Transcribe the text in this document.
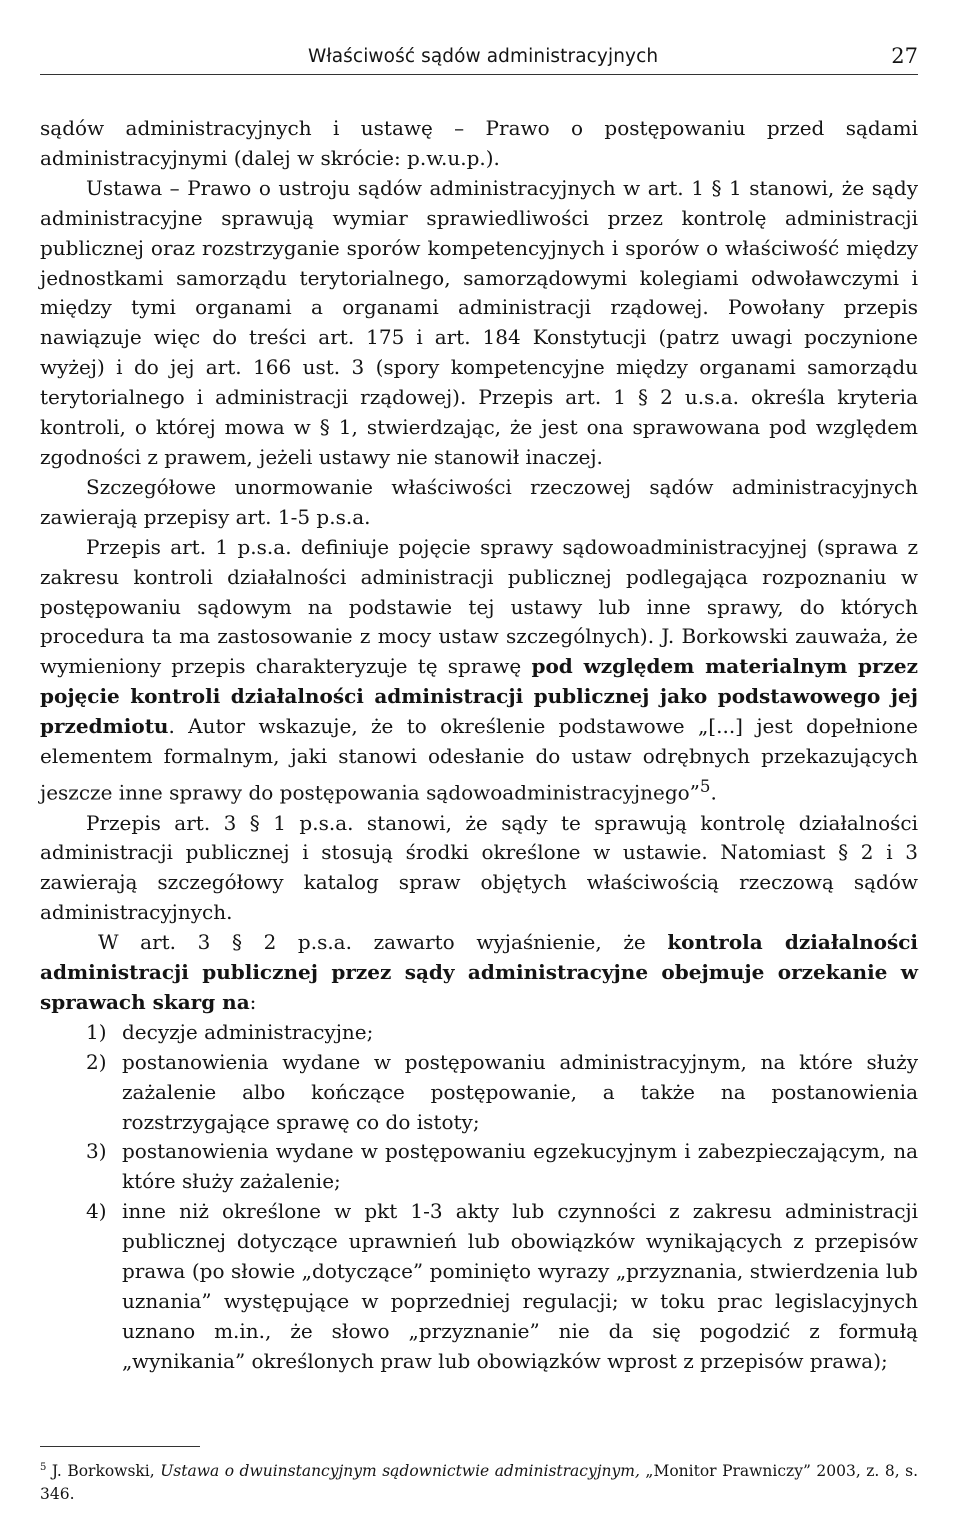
Właściwość sądów administracyjnych	27

sądów administracyjnych i ustawę – Prawo o postępowaniu przed sądami administracyjnymi (dalej w skrócie: p.w.u.p.).

Ustawa – Prawo o ustroju sądów administracyjnych w art. 1 § 1 stanowi, że sądy administracyjne sprawują wymiar sprawiedliwości przez kontrolę administracji publicznej oraz rozstrzyganie sporów kompetencyjnych i sporów o właściwość między jednostkami samorządu terytorialnego, samorządowymi kolegiami odwoławczymi i między tymi organami a organami administracji rządowej. Powołany przepis nawiązuje więc do treści art. 175 i art. 184 Konstytucji (patrz uwagi poczynione wyżej) i do jej art. 166 ust. 3 (spory kompetencyjne między organami samorządu terytorialnego i administracji rządowej). Przepis art. 1 § 2 u.s.a. określa kryteria kontroli, o której mowa w § 1, stwierdzając, że jest ona sprawowana pod względem zgodności z prawem, jeżeli ustawy nie stanowił inaczej.

Szczegółowe unormowanie właściwości rzeczowej sądów administracyjnych zawierają przepisy art. 1-5 p.s.a.

Przepis art. 1 p.s.a. definiuje pojęcie sprawy sądowoadministracyjnej (sprawa z zakresu kontroli działalności administracji publicznej podlegająca rozpoznaniu w postępowaniu sądowym na podstawie tej ustawy lub inne sprawy, do których procedura ta ma zastosowanie z mocy ustaw szczególnych). J. Borkowski zauważa, że wymieniony przepis charakteryzuje tę sprawę pod względem materialnym przez pojęcie kontroli działalności administracji publicznej jako podstawowego jej przedmiotu. Autor wskazuje, że to określenie podstawowe „[...] jest dopełnione elementem formalnym, jaki stanowi odesłanie do ustaw odrębnych przekazujących jeszcze inne sprawy do postępowania sądowoadministracyjnego”$^5$.

Przepis art. 3 § 1 p.s.a. stanowi, że sądy te sprawują kontrolę działalności administracji publicznej i stosują środki określone w ustawie. Natomiast § 2 i 3 zawierają szczegółowy katalog spraw objętych właściwością rzeczową sądów administracyjnych.

W art. 3 § 2 p.s.a. zawarto wyjaśnienie, że kontrola działalności administracji publicznej przez sądy administracyjne obejmuje orzekanie w sprawach skarg na:

1) decyzje administracyjne;
2) postanowienia wydane w postępowaniu administracyjnym, na które służy zażalenie albo kończące postępowanie, a także na postanowienia rozstrzygające sprawę co do istoty;
3) postanowienia wydane w postępowaniu egzekucyjnym i zabezpieczającym, na które służy zażalenie;
4) inne niż określone w pkt 1-3 akty lub czynności z zakresu administracji publicznej dotyczące uprawnień lub obowiązków wynikających z przepisów prawa (po słowie „dotyczące” pominięto wyrazy „przyznania, stwierdzenia lub uznania” występujące w poprzedniej regulacji; w toku prac legislacyjnych uznano m.in., że słowo „przyznanie” nie da się pogodzić z formułą „wynikania” określonych praw lub obowiązków wprost z przepisów prawa);
$^5$ J. Borkowski, Ustawa o dwuinstancyjnym sądownictwie administracyjnym, „Monitor Prawniczy” 2003, z. 8, s. 346.
